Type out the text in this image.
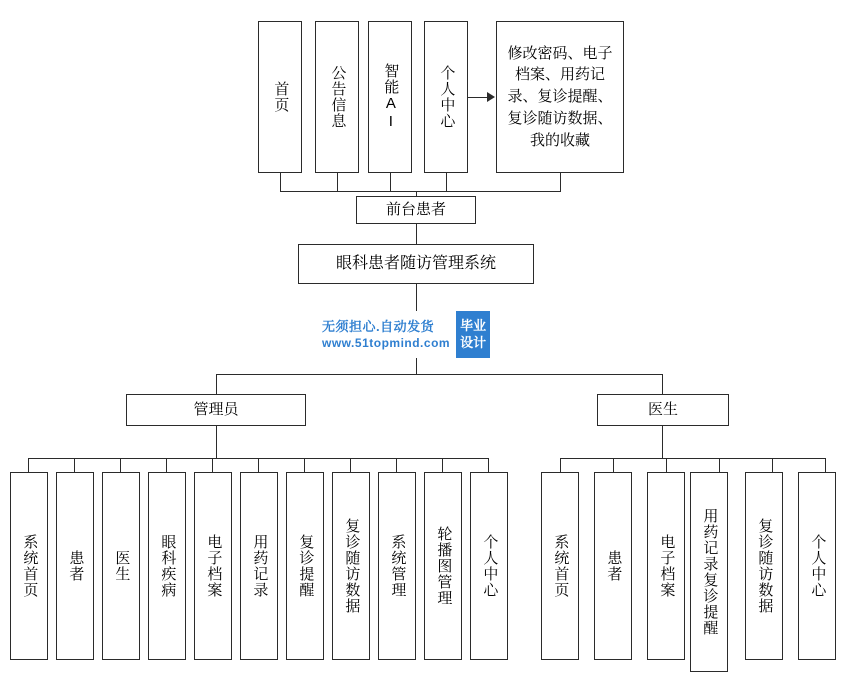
首页	公告信息 智能AI	个人中心
修改密码、电子档案、用药记录、复诊提醒、复诊随访数据、我的收藏
前台患者
眼科患者随访管理系统
无须担心.自动发货
www.51topmind.com
毕业
设计
管理员	医生
系统首页 患者 医生 眼科疾病 电子档案 用药记录 复诊提醒 复诊随访数据 系统管理 轮播图管理 个人中心	系统首页 患者 电子档案 用药记录复诊提醒	复诊随访数据 个人中心
